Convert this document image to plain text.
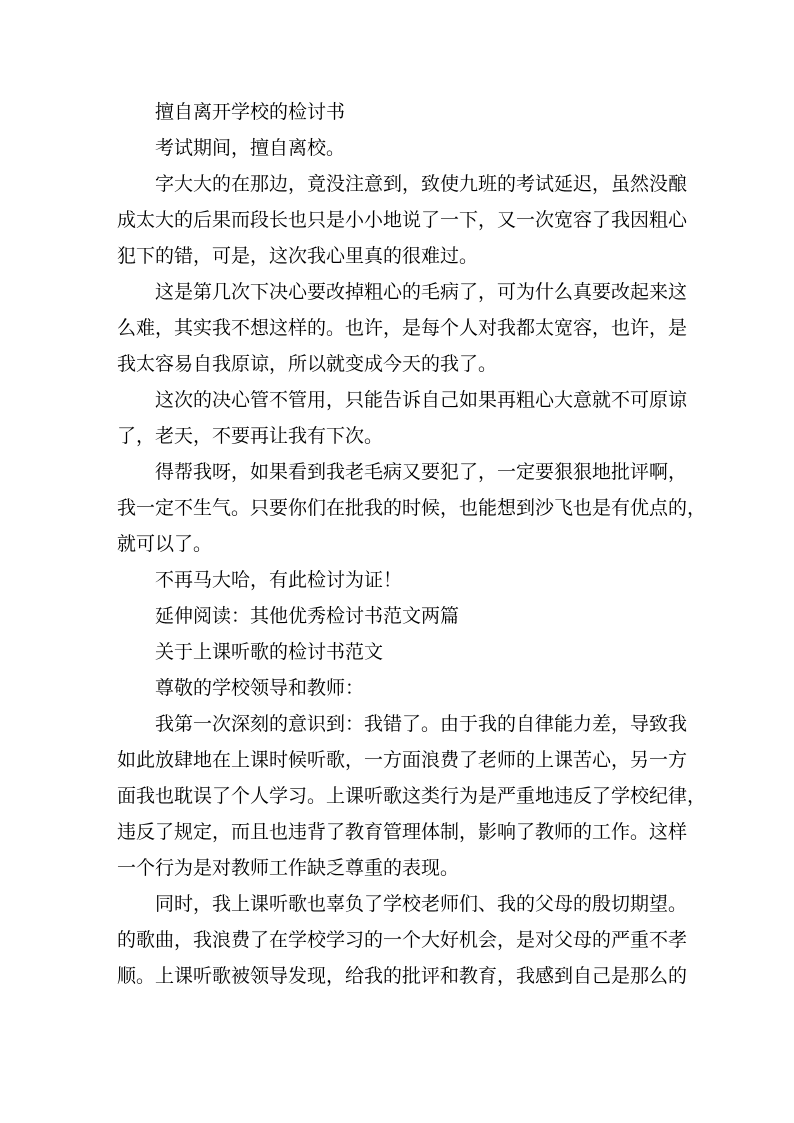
擅自离开学校的检讨书

考试期间，擅自离校。

字大大的在那边，竟没注意到，致使九班的考试延迟，虽然没酿

成太大的后果而段长也只是小小地说了一下，又一次宽容了我因粗心

犯下的错，可是，这次我心里真的很难过。

这是第几次下决心要改掉粗心的毛病了，可为什么真要改起来这

么难，其实我不想这样的。也许，是每个人对我都太宽容，也许，是

我太容易自我原谅，所以就变成今天的我了。

这次的决心管不管用，只能告诉自己如果再粗心大意就不可原谅

了，老天，不要再让我有下次。

得帮我呀，如果看到我老毛病又要犯了，一定要狠狠地批评啊，

我一定不生气。只要你们在批我的时候，也能想到沙飞也是有优点的，

就可以了。

不再马大哈，有此检讨为证！

延伸阅读：其他优秀检讨书范文两篇

关于上课听歌的检讨书范文

尊敬的学校领导和教师：

我第一次深刻的意识到：我错了。由于我的自律能力差，导致我

如此放肆地在上课时候听歌，一方面浪费了老师的上课苦心，另一方

面我也耽误了个人学习。上课听歌这类行为是严重地违反了学校纪律，

违反了规定，而且也违背了教育管理体制，影响了教师的工作。这样

一个行为是对教师工作缺乏尊重的表现。

同时，我上课听歌也辜负了学校老师们、我的父母的殷切期望。

的歌曲，我浪费了在学校学习的一个大好机会，是对父母的严重不孝

顺。上课听歌被领导发现，给我的批评和教育，我感到自己是那么的
